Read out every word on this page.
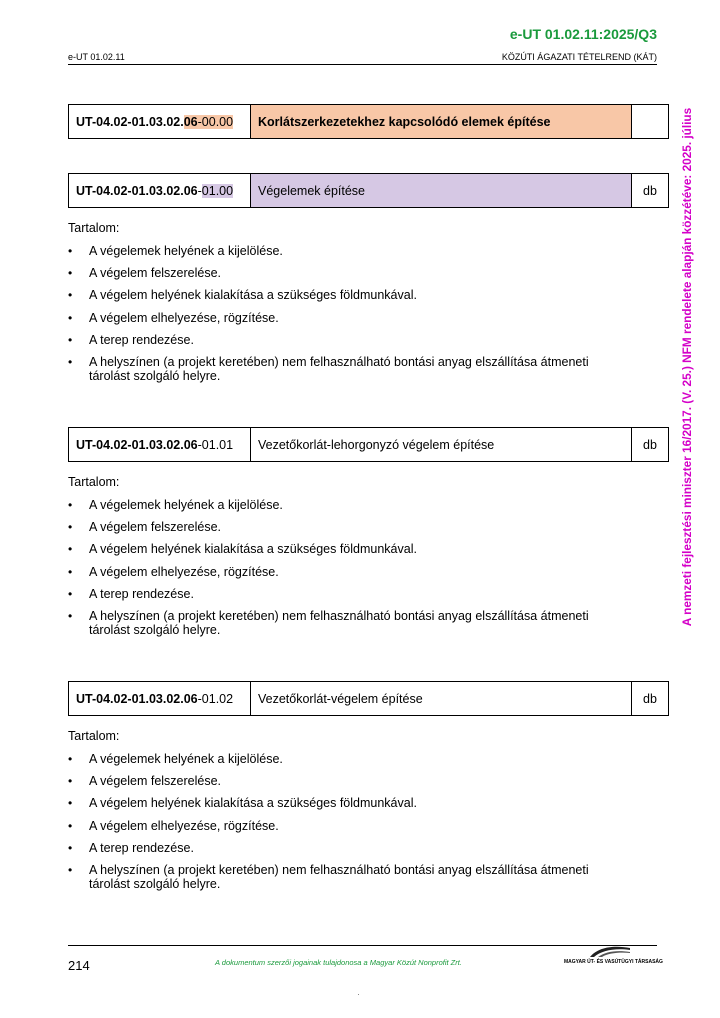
e-UT 01.02.11:2025/Q3
e-UT 01.02.11	KÖZÚTI ÁGAZATI TÉTELREND (KÁT)
A nemzeti fejlesztési miniszter 16/2017. (V. 25.) NFM rendelete alapján közzétéve: 2025. július
UT-04.02-01.03.02. 06 - 00.00	Korlátszerkezetekhez kapcsolódó elemek építése
UT-04.02-01.03.02.06 - 01.00	Végelemek építése	db
Tartalom:
• A végelemek helyének a kijelölése.
• A végelem felszerelése.
• A végelem helyének kialakítása a szükséges földmunkával.
• A végelem elhelyezése, rögzítése.
• A terep rendezése.
• A helyszínen (a projekt keretében) nem felhasználható bontási anyag elszállítása átmeneti tárolást szolgáló helyre.
UT-04.02-01.03.02.06 - 01.01	Vezetőkorlát-lehorgonyzó végelem építése	db
Tartalom:
• A végelemek helyének a kijelölése.
• A végelem felszerelése.
• A végelem helyének kialakítása a szükséges földmunkával.
• A végelem elhelyezése, rögzítése.
• A terep rendezése.
• A helyszínen (a projekt keretében) nem felhasználható bontási anyag elszállítása átmeneti tárolást szolgáló helyre.
UT-04.02-01.03.02.06 - 01.02	Vezetőkorlát-végelem építése	db
Tartalom:
• A végelemek helyének a kijelölése.
• A végelem felszerelése.
• A végelem helyének kialakítása a szükséges földmunkával.
• A végelem elhelyezése, rögzítése.
• A terep rendezése.
• A helyszínen (a projekt keretében) nem felhasználható bontási anyag elszállítása átmeneti tárolást szolgáló helyre.
214	A dokumentum szerzői jogainak tulajdonosa a Magyar Közút Nonprofit Zrt.	MAGYAR ÚT- ÉS VASÚTÜGYI TÁRSASÁG
